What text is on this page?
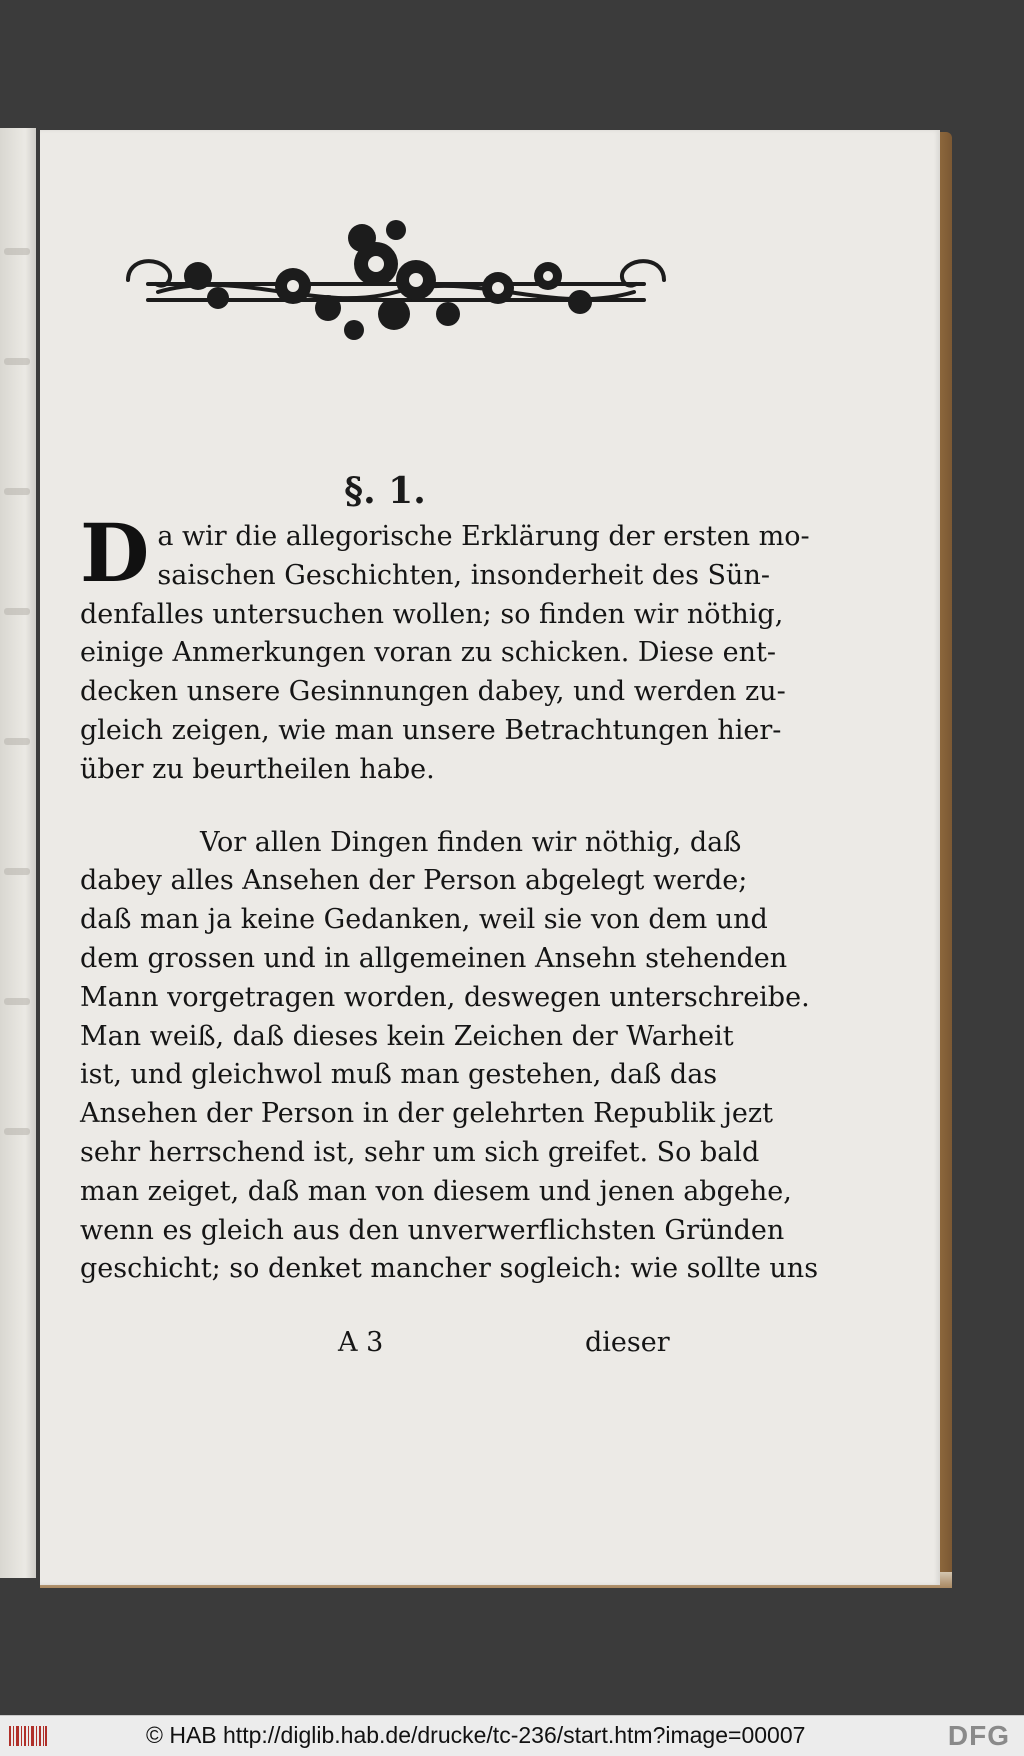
§. 1.
D a wir die allegorische Erklärung der ersten mo-
saischen Geschichten, insonderheit des Sün-
denfalles untersuchen wollen; so finden wir nöthig,
einige Anmerkungen voran zu schicken. Diese ent-
decken unsere Gesinnungen dabey, und werden zu-
gleich zeigen, wie man unsere Betrachtungen hier-
über zu beurtheilen habe.
Vor allen Dingen finden wir nöthig, daß
dabey alles Ansehen der Person abgelegt werde;
daß man ja keine Gedanken, weil sie von dem und
dem grossen und in allgemeinen Ansehn stehenden
Mann vorgetragen worden, deswegen unterschreibe.
Man weiß, daß dieses kein Zeichen der Warheit
ist, und gleichwol muß man gestehen, daß das
Ansehen der Person in der gelehrten Republik jezt
sehr herrschend ist, sehr um sich greifet. So bald
man zeiget, daß man von diesem und jenen abgehe,
wenn es gleich aus den unverwerflichsten Gründen
geschicht; so denket mancher sogleich: wie sollte uns
A 3	dieser
© HAB http://diglib.hab.de/drucke/tc-236/start.htm?image=00007	DFG
